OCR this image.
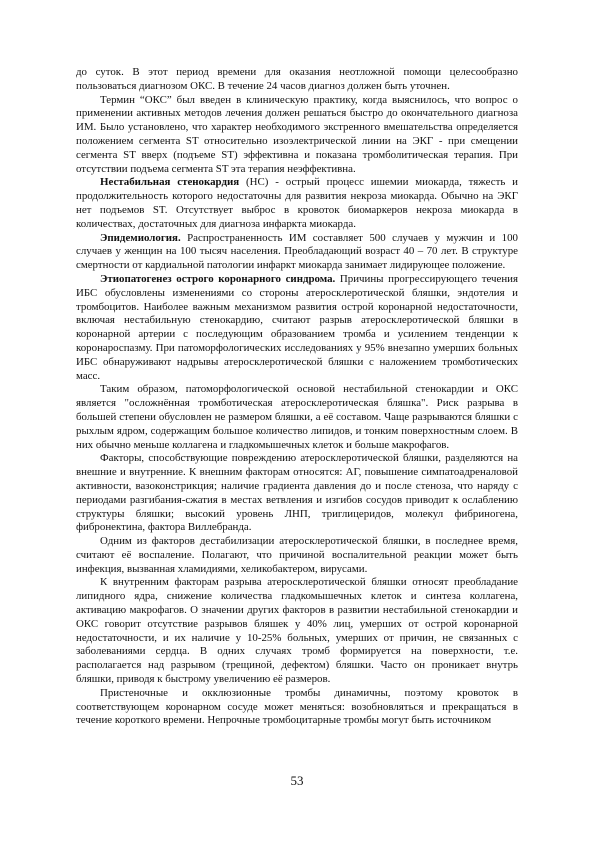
до суток. В этот период времени для оказания неотложной помощи целесообразно пользоваться диагнозом ОКС. В течение 24 часов диагноз должен быть уточнен.

Термин “ОКС” был введен в клиническую практику, когда выяснилось, что вопрос о применении активных методов лечения должен решаться быстро до окончательного диагноза ИМ. Было установлено, что характер необходимого экстренного вмешательства определяется положением сегмента ST относительно изоэлектрической линии на ЭКГ - при смещении сегмента ST вверх (подъеме ST) эффективна и показана тромболитическая терапия. При отсутствии подъема сегмента ST эта терапия неэффективна.

Нестабильная стенокардия (НС) - острый процесс ишемии миокарда, тяжесть и продолжительность которого недостаточны для развития некроза миокарда. Обычно на ЭКГ нет подъемов ST. Отсутствует выброс в кровоток биомаркеров некроза миокарда в количествах, достаточных для диагноза инфаркта миокарда.

Эпидемиология. Распространенность ИМ составляет 500 случаев у мужчин и 100 случаев у женщин на 100 тысяч населения. Преобладающий возраст 40 – 70 лет. В структуре смертности от кардиальной патологии инфаркт миокарда занимает лидирующее положение.

Этиопатогенез острого коронарного синдрома. Причины прогрессирующего течения ИБС обусловлены изменениями со стороны атеросклеротической бляшки, эндотелия и тромбоцитов. Наиболее важным механизмом развития острой коронарной недостаточности, включая нестабильную стенокардию, считают разрыв атеросклеротической бляшки в коронарной артерии с последующим образованием тромба и усилением тенденции к коронароспазму. При патоморфологических исследованиях у 95% внезапно умерших больных ИБС обнаруживают надрывы атеросклеротической бляшки с наложением тромботических масс.

Таким образом, патоморфологической основой нестабильной стенокардии и ОКС является "осложнённая тромботическая атеросклеротическая бляшка". Риск разрыва в большей степени обусловлен не размером бляшки, а её составом. Чаще разрываются бляшки с рыхлым ядром, содержащим большое количество липидов, и тонким поверхностным слоем. В них обычно меньше коллагена и гладкомышечных клеток и больше макрофагов.

Факторы, способствующие повреждению атеросклеротической бляшки, разделяются на внешние и внутренние. К внешним факторам относятся: АГ, повышение симпатоадреналовой активности, вазоконстрикция; наличие градиента давления до и после стеноза, что наряду с периодами разгибания-сжатия в местах ветвления и изгибов сосудов приводит к ослаблению структуры бляшки; высокий уровень ЛНП, триглицеридов, молекул фибриногена, фибронектина, фактора Виллебранда.

Одним из факторов дестабилизации атеросклеротической бляшки, в последнее время, считают её воспаление. Полагают, что причиной воспалительной реакции может быть инфекция, вызванная хламидиями, хеликобактером, вирусами.

К внутренним факторам разрыва атеросклеротической бляшки относят преобладание липидного ядра, снижение количества гладкомышечных клеток и синтеза коллагена, активацию макрофагов. О значении других факторов в развитии нестабильной стенокардии и ОКС говорит отсутствие разрывов бляшек у 40% лиц, умерших от острой коронарной недостаточности, и их наличие у 10-25% больных, умерших от причин, не связанных с заболеваниями сердца. В одних случаях тромб формируется на поверхности, т.е. располагается над разрывом (трещиной, дефектом) бляшки. Часто он проникает внутрь бляшки, приводя к быстрому увеличению её размеров.

Пристеночные и окклюзионные тромбы динамичны, поэтому кровоток в соответствующем коронарном сосуде может меняться: возобновляться и прекращаться в течение короткого времени. Непрочные тромбоцитарные тромбы могут быть источником

53
